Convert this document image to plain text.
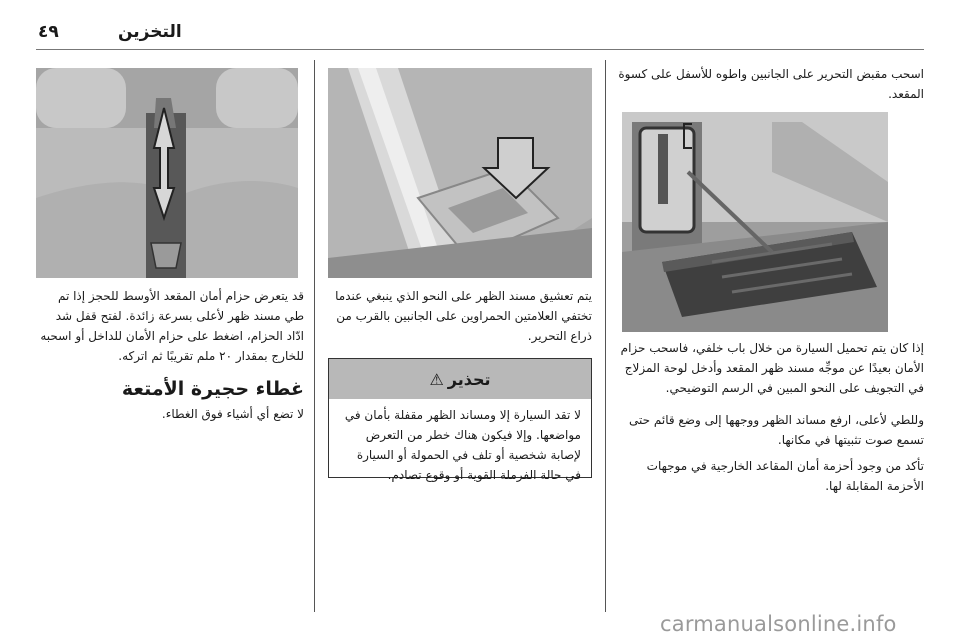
٤٩	التخزين

اسحب مقبض التحرير على الجانبين واطوه للأسفل على كسوة المقعد.

إذا كان يتم تحميل السيارة من خلال باب خلفي، فاسحب حزام الأمان بعيدًا عن موجِّه مسند ظهر المقعد وأدخل لوحة المزلاج في التجويف على النحو المبين في الرسم التوضيحي.

وللطي لأعلى، ارفع مساند الظهر ووجهها إلى وضع قائم حتى تسمع صوت تثبيتها في مكانها.

تأكد من وجود أحزمة أمان المقاعد الخارجية في موجهات الأحزمة المقابلة لها.

يتم تعشيق مسند الظهر على النحو الذي ينبغي عندما تختفي العلامتين الحمراوين على الجانبين بالقرب من ذراع التحرير.

تحذير
⚠
لا تقد السيارة إلا ومساند الظهر مقفلة بأمان في مواضعها. وإلا فيكون هناك خطر من التعرض لإصابة شخصية أو تلف في الحمولة أو السيارة في حالة الفرملة القوية أو وقوع تصادم.

قد يتعرض حزام أمان المقعد الأوسط للحجز إذا تم طي مسند ظهر لأعلى بسرعة زائدة. لفتح قفل شد ادّاد الحزام، اضغط على حزام الأمان للداخل أو اسحبه للخارج بمقدار ٢٠ ملم تقريبًا ثم اتركه.

غطاء حجيرة الأمتعة

لا تضع أي أشياء فوق الغطاء.

carmanualsonline.info
